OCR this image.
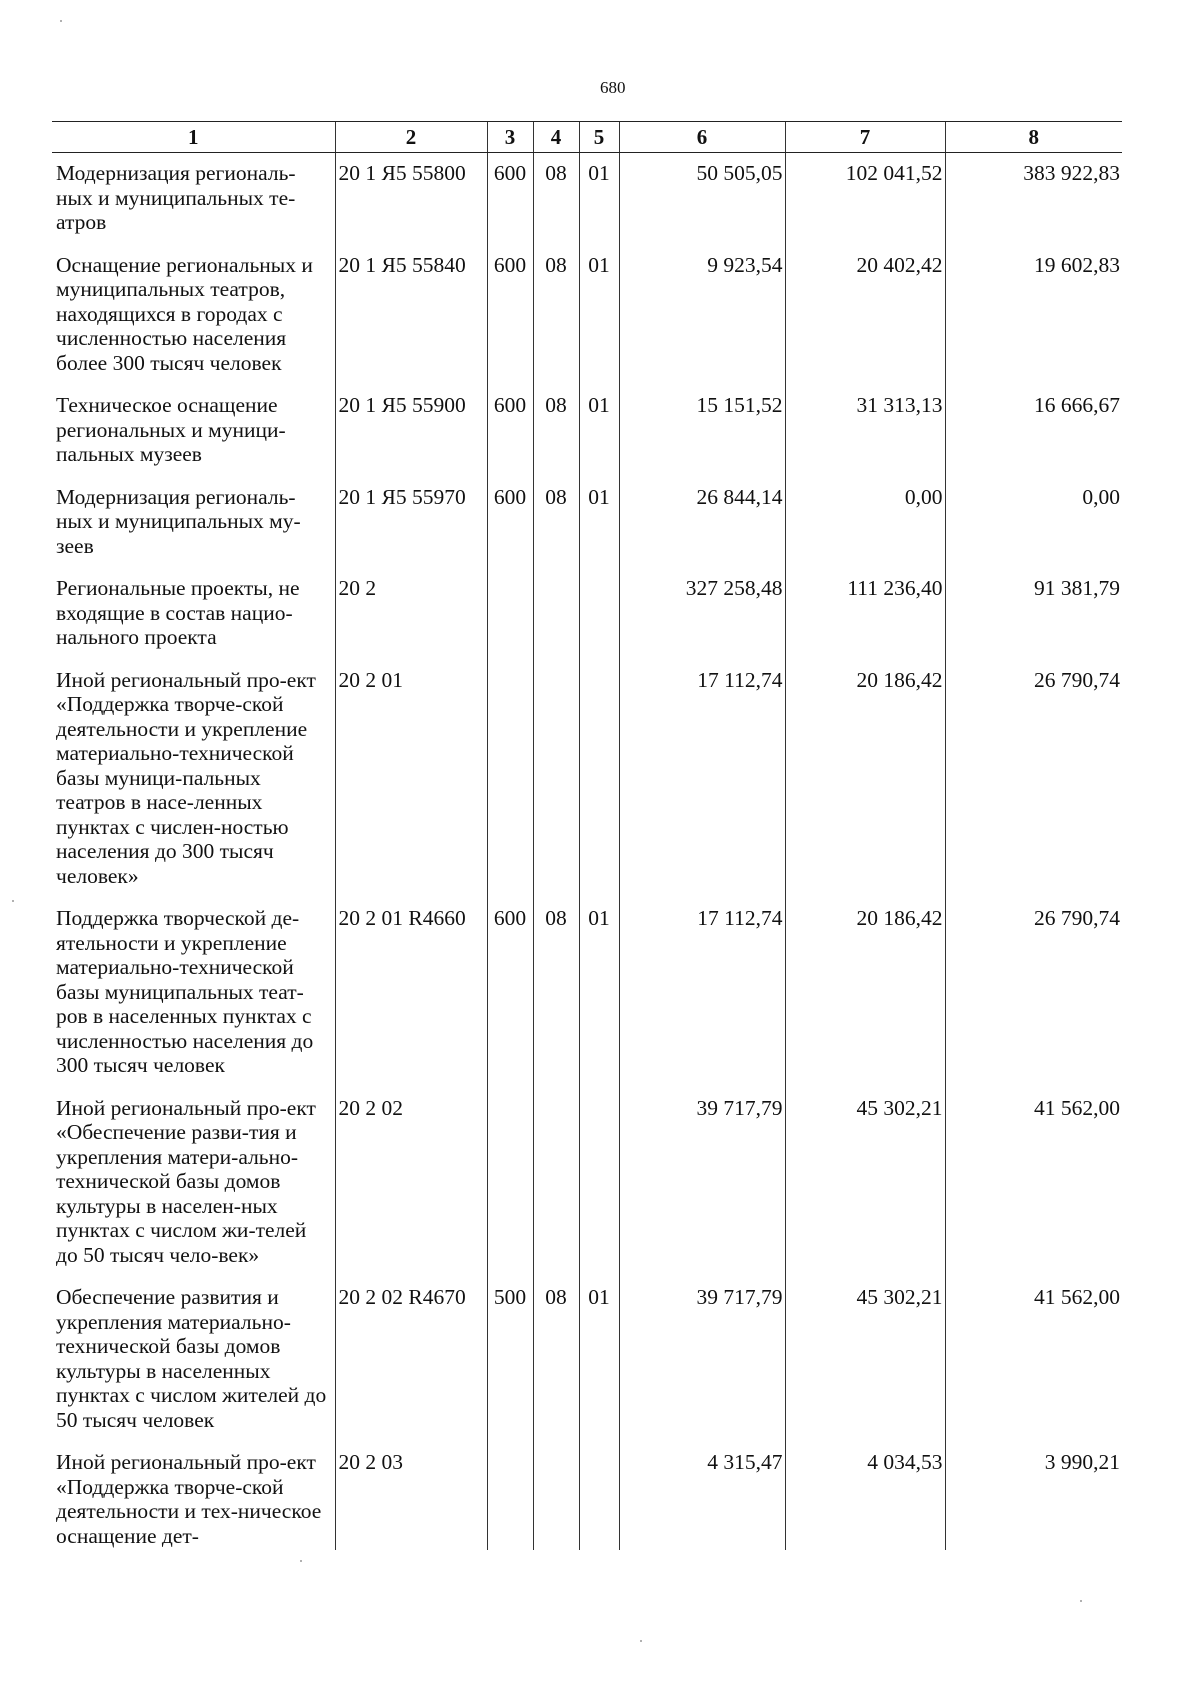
680
1	2	3	4	5	6	7	8
Модернизация региональ-ных и муниципальных те-атров	20 1 Я5 55800	600	08	01	50 505,05	102 041,52	383 922,83
Оснащение региональных и муниципальных театров, находящихся в городах с численностью населения более 300 тысяч человек	20 1 Я5 55840	600	08	01	9 923,54	20 402,42	19 602,83
Техническое оснащение региональных и муници-пальных музеев	20 1 Я5 55900	600	08	01	15 151,52	31 313,13	16 666,67
Модернизация региональ-ных и муниципальных му-зеев	20 1 Я5 55970	600	08	01	26 844,14	0,00	0,00
Региональные проекты, не входящие в состав нацио-нального проекта	20 2				327 258,48	111 236,40	91 381,79
Иной региональный про-ект «Поддержка творче-ской деятельности и укрепление материально-технической базы муници-пальных театров в насе-ленных пунктах с числен-ностью населения до 300 тысяч человек»	20 2 01				17 112,74	20 186,42	26 790,74
Поддержка творческой де-ятельности и укрепление материально-технической базы муниципальных теат-ров в населенных пунктах с численностью населения до 300 тысяч человек	20 2 01 R4660	600	08	01	17 112,74	20 186,42	26 790,74
Иной региональный про-ект «Обеспечение разви-тия и укрепления матери-ально-технической базы домов культуры в населен-ных пунктах с числом жи-телей до 50 тысяч чело-век»	20 2 02				39 717,79	45 302,21	41 562,00
Обеспечение развития и укрепления материально-технической базы домов культуры в населенных пунктах с числом жителей до 50 тысяч человек	20 2 02 R4670	500	08	01	39 717,79	45 302,21	41 562,00
Иной региональный про-ект «Поддержка творче-ской деятельности и тех-ническое оснащение дет-	20 2 03				4 315,47	4 034,53	3 990,21
